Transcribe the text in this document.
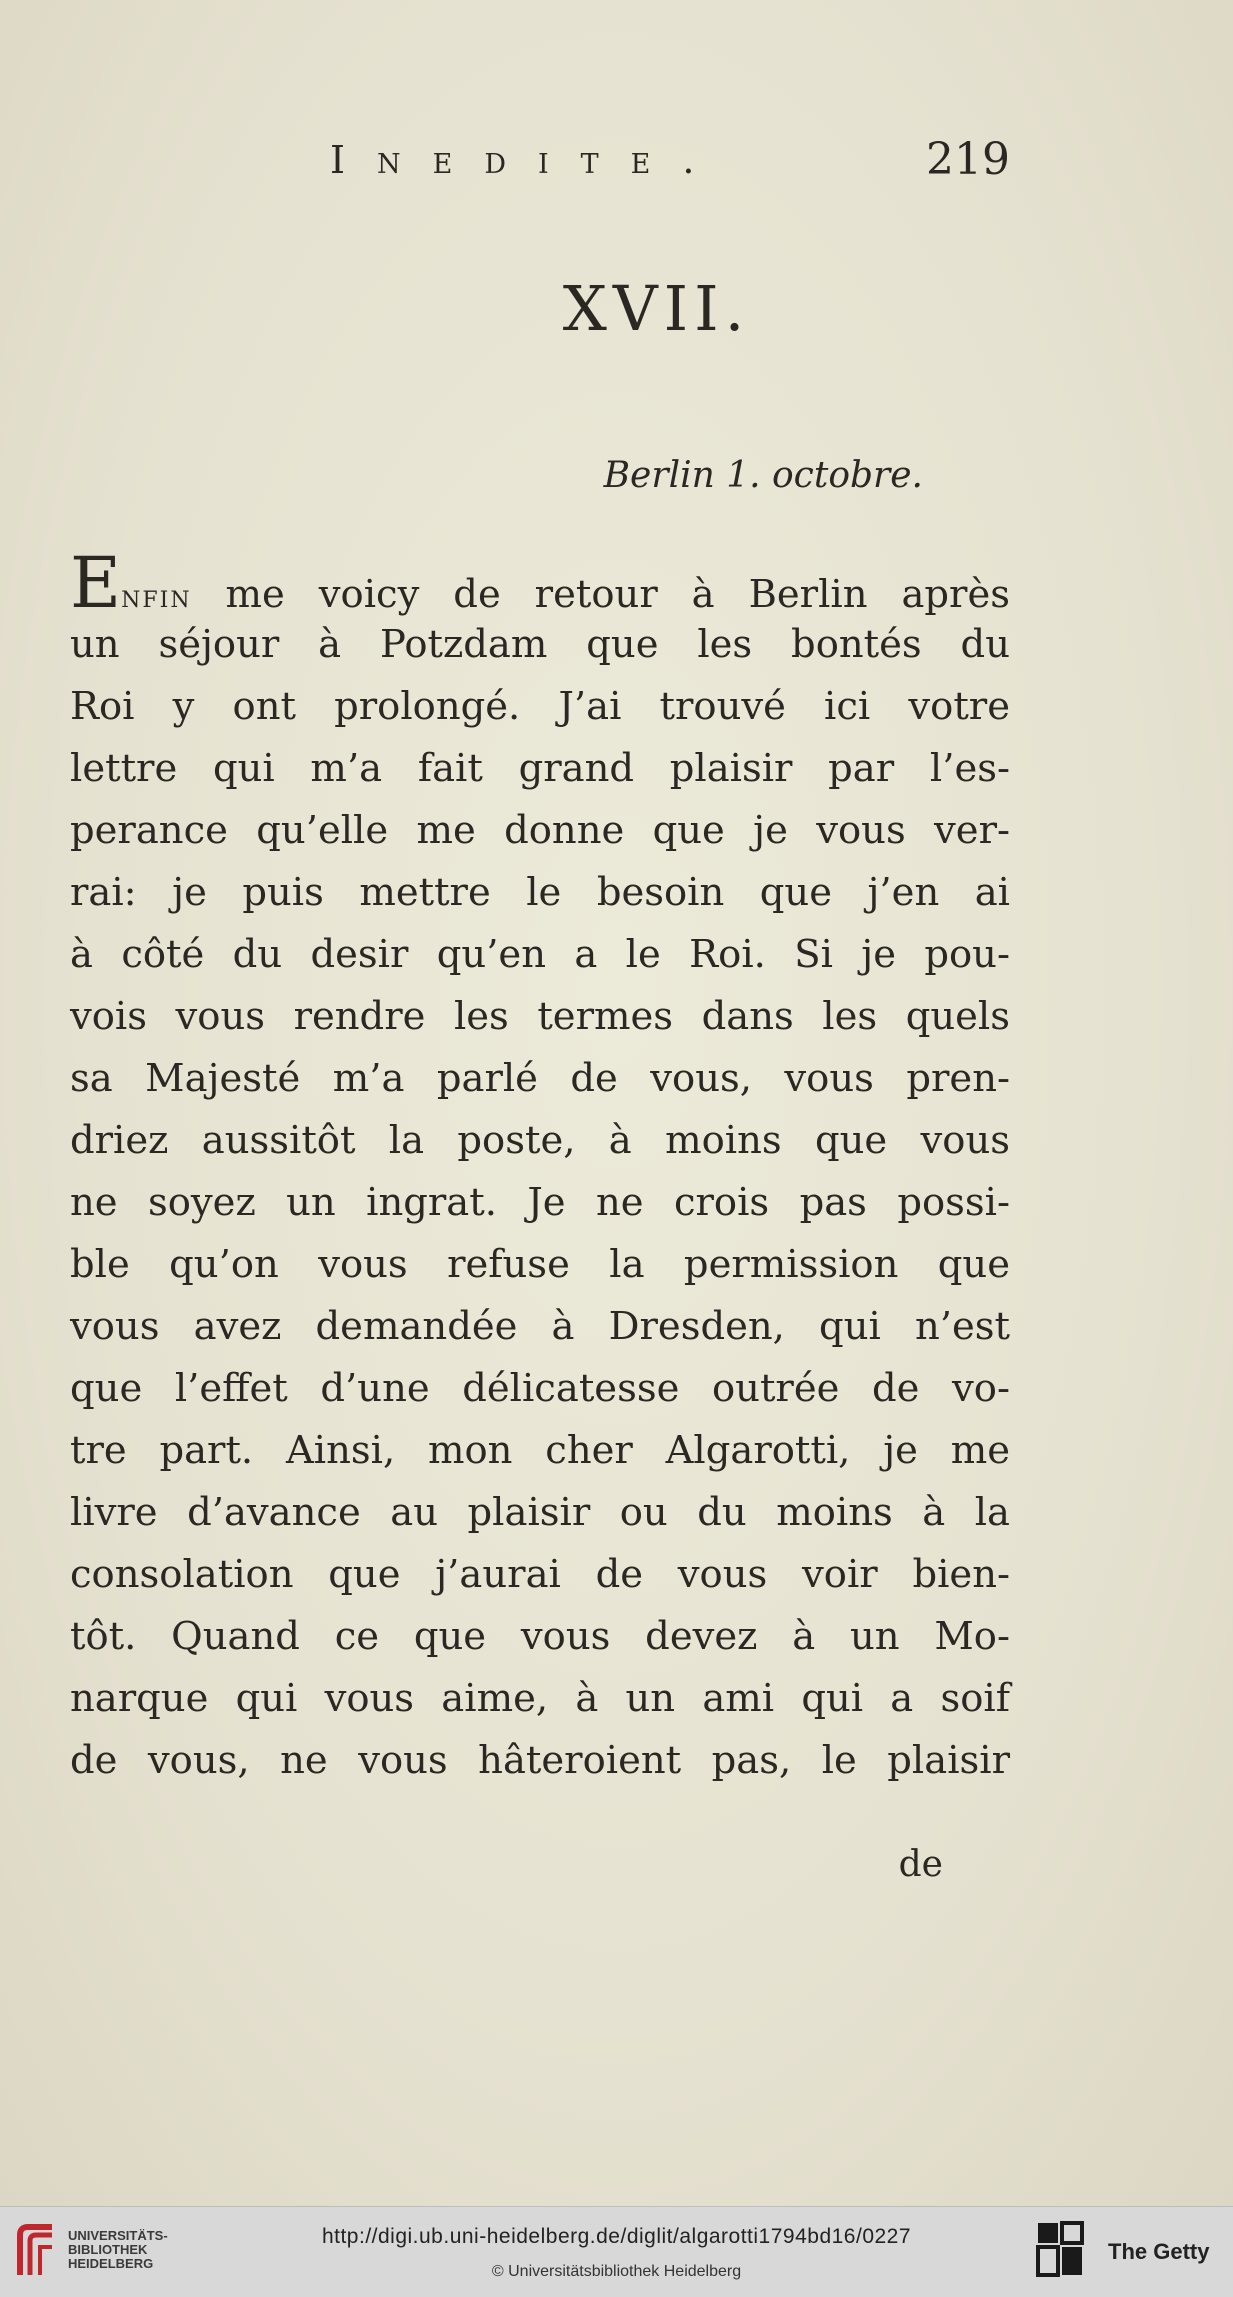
Inedite.	219
XVII.
Berlin 1. octobre.
Enfin me voicy de retour à Berlin après
un séjour à Potzdam que les bontés du
Roi y ont prolongé. J’ai trouvé ici votre
lettre qui m’a fait grand plaisir par l’es-
perance qu’elle me donne que je vous ver-
rai: je puis mettre le besoin que j’en ai
à côté du desir qu’en a le Roi. Si je pou-
vois vous rendre les termes dans les quels
sa Majesté m’a parlé de vous, vous pren-
driez aussitôt la poste, à moins que vous
ne soyez un ingrat. Je ne crois pas possi-
ble qu’on vous refuse la permission que
vous avez demandée à Dresden, qui n’est
que l’effet d’une délicatesse outrée de vo-
tre part. Ainsi, mon cher Algarotti, je me
livre d’avance au plaisir ou du moins à la
consolation que j’aurai de vous voir bien-
tôt. Quand ce que vous devez à un Mo-
narque qui vous aime, à un ami qui a soif
de vous, ne vous hâteroient pas, le plaisir
de
UNIVERSITÄTS-
BIBLIOTHEK
HEIDELBERG
http://digi.ub.uni-heidelberg.de/diglit/algarotti1794bd16/0227
© Universitätsbibliothek Heidelberg
The Getty
